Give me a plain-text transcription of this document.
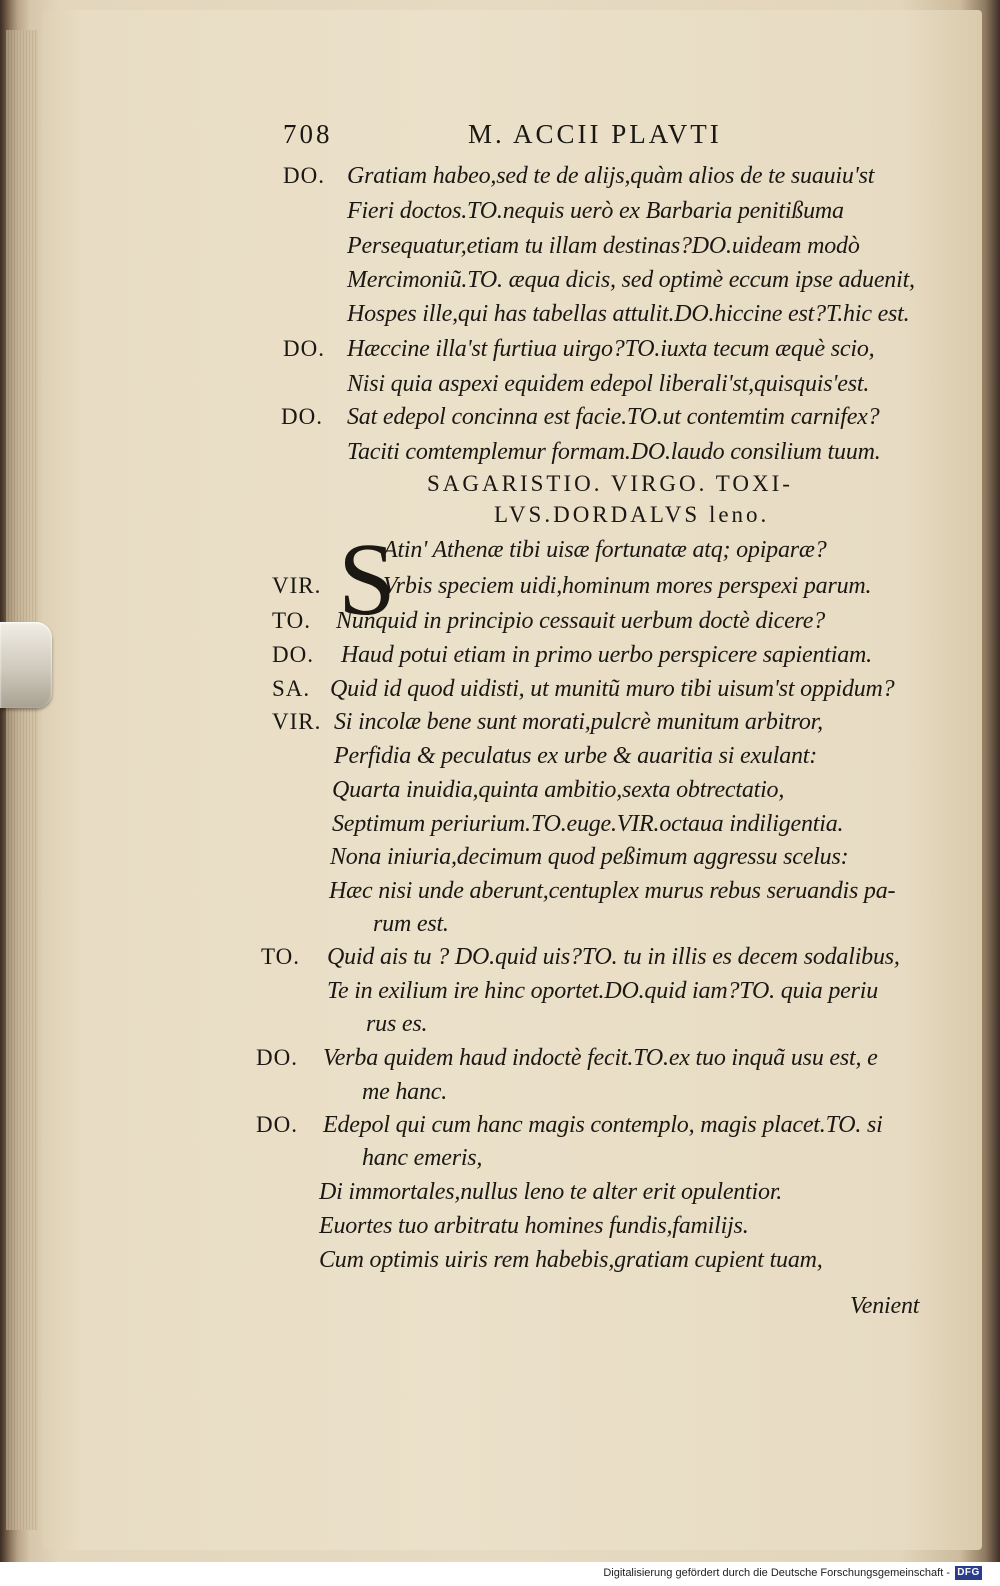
708	M. ACCII PLAVTI
DO. Gratiam habeo,sed te de alijs,quàm alios de te suauiu'st
Fieri doctos.TO.nequis uerò ex Barbaria penitißuma
Persequatur,etiam tu illam destinas?DO.uideam modò
Mercimoniũ.TO. æqua dicis, sed optimè eccum ipse aduenit,
Hospes ille,qui has tabellas attulit.DO.hiccine est?T.hic est.
DO. Hæccine illa'st furtiua uirgo?TO.iuxta tecum æquè scio,
Nisi quia aspexi equidem edepol liberali'st,quisquis'est.
DO. Sat edepol concinna est facie.TO.ut contemtim carnifex?
Taciti comtemplemur formam.DO.laudo consilium tuum.
SAGARISTIO. VIRGO. TOXI-
LVS.DORDALVS leno.
S
Atin' Athenæ tibi uisæ fortunatæ atq; opiparæ?
VIR.	Vrbis speciem uidi,hominum mores perspexi parum.
TO. Nunquid in principio cessauit uerbum doctè dicere?
DO. Haud potui etiam in primo uerbo perspicere sapientiam.
SA. Quid id quod uidisti, ut munitũ muro tibi uisum'st oppidum?
VIR. Si incolæ bene sunt morati,pulcrè munitum arbitror,
Perfidia & peculatus ex urbe & auaritia si exulant:
Quarta inuidia,quinta ambitio,sexta obtrectatio,
Septimum periurium.TO.euge.VIR.octaua indiligentia.
Nona iniuria,decimum quod peßimum aggressu scelus:
Hæc nisi unde aberunt,centuplex murus rebus seruandis pa-
rum est.
TO. Quid ais tu ? DO.quid uis?TO. tu in illis es decem sodalibus,
Te in exilium ire hinc oportet.DO.quid iam?TO. quia periu
rus es.
DO. Verba quidem haud indoctè fecit.TO.ex tuo inquã usu est, e
me hanc.
DO. Edepol qui cum hanc magis contemplo, magis placet.TO. si
hanc emeris,
Di immortales,nullus leno te alter erit opulentior.
Euortes tuo arbitratu homines fundis,familijs.
Cum optimis uiris rem habebis,gratiam cupient tuam,
Venient
Digitalisierung gefördert durch die Deutsche Forschungsgemeinschaft - DFG
